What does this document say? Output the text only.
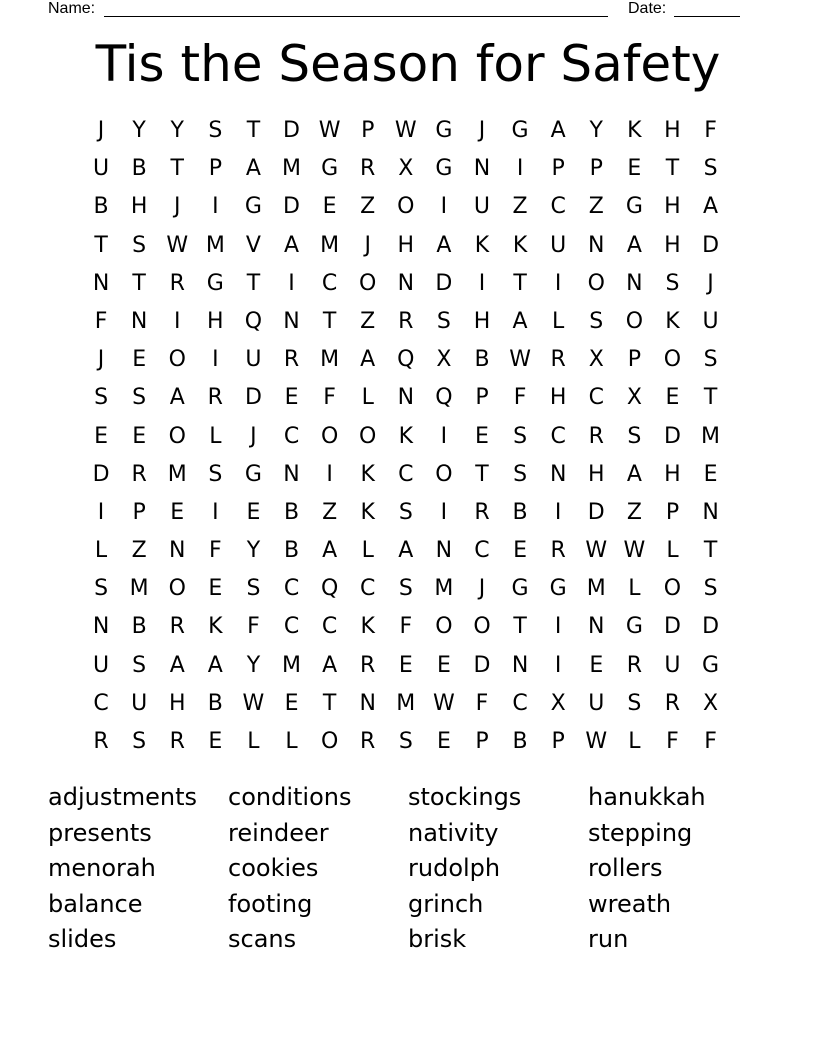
Name:	Date:
Tis the Season for Safety
J	Y	Y	S	T	D W P W G	J	G	A	Y	K	H	F
U	B	T	P	A M G R	X	G N	I	P	P	E	T	S
B	H	J	I	G D	E	Z O	I	U	Z	C	Z	G H	A
T	S W M V	A M	J	H	A	K	K	U N	A	H D
N	T	R G	T	I	C O N D	I	T	I	O N	S	J
F	N	I	H Q N	T	Z	R	S	H	A	L	S	O	K	U
J	E	O	I	U	R M A Q X	B W R	X	P	O	S
S	S	A	R D	E	F	L	N Q	P	F	H	C	X	E	T
E	E	O	L	J	C O O	K	I	E	S	C	R	S	D M
D R M S	G N	I	K	C O	T	S	N H	A	H	E
I	P	E	I	E	B	Z	K	S	I	R	B	I	D	Z	P	N
L	Z	N	F	Y	B	A	L	A	N	C	E	R W W L	T
S M O	E	S	C Q C	S M	J	G G M	L	O	S
N	B	R	K	F	C	C	K	F	O O	T	I	N G D D
U	S	A	A	Y M A	R	E	E	D N	I	E	R	U G
C	U H	B W E	T	N M W F	C	X	U	S	R	X
R	S	R	E	L	L	O R	S	E	P	B	P W L	F	F
adjustments	conditions	stockings	hanukkah
presents	reindeer	nativity	stepping
menorah	cookies	rudolph	rollers
balance	footing	grinch	wreath
slides	scans	brisk	run
